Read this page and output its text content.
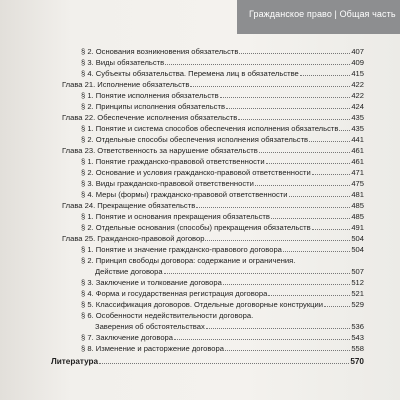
Гражданское право | Общая часть
§ 2. Основания возникновения обязательств	407
§ 3. Виды обязательств	409
§ 4. Субъекты обязательства. Перемена лиц в обязательстве	415
Глава 21. Исполнение обязательств	422
§ 1. Понятие исполнения обязательств	422
§ 2. Принципы исполнения обязательств	424
Глава 22. Обеспечение исполнения обязательств	435
§ 1. Понятие и система способов обеспечения исполнения обязательств 435
§ 2. Отдельные способы обеспечения исполнения обязательств	441
Глава 23. Ответственность за нарушение обязательств	461
§ 1. Понятие гражданско-правовой ответственности	461
§ 2. Основание и условия гражданско-правовой ответственности	471
§ 3. Виды гражданско-правовой ответственности	475
§ 4. Меры (формы) гражданско-правовой ответственности	481
Глава 24. Прекращение обязательств	485
§ 1. Понятие и основания прекращения обязательств	485
§ 2. Отдельные основания (способы) прекращения обязательств	491
Глава 25. Гражданско-правовой договор	504
§ 1. Понятие и значение гражданско-правового договора	504
§ 2. Принцип свободы договора: содержание и ограничения.
Действие договора	507
§ 3. Заключение и толкование договора	512
§ 4. Форма и государственная регистрация договора	521
§ 5. Классификация договоров. Отдельные договорные конструкции	529
§ 6. Особенности недействительности договора.
Заверения об обстоятельствах	536
§ 7. Заключение договора	543
§ 8. Изменение и расторжение договора	558
Литература	570
